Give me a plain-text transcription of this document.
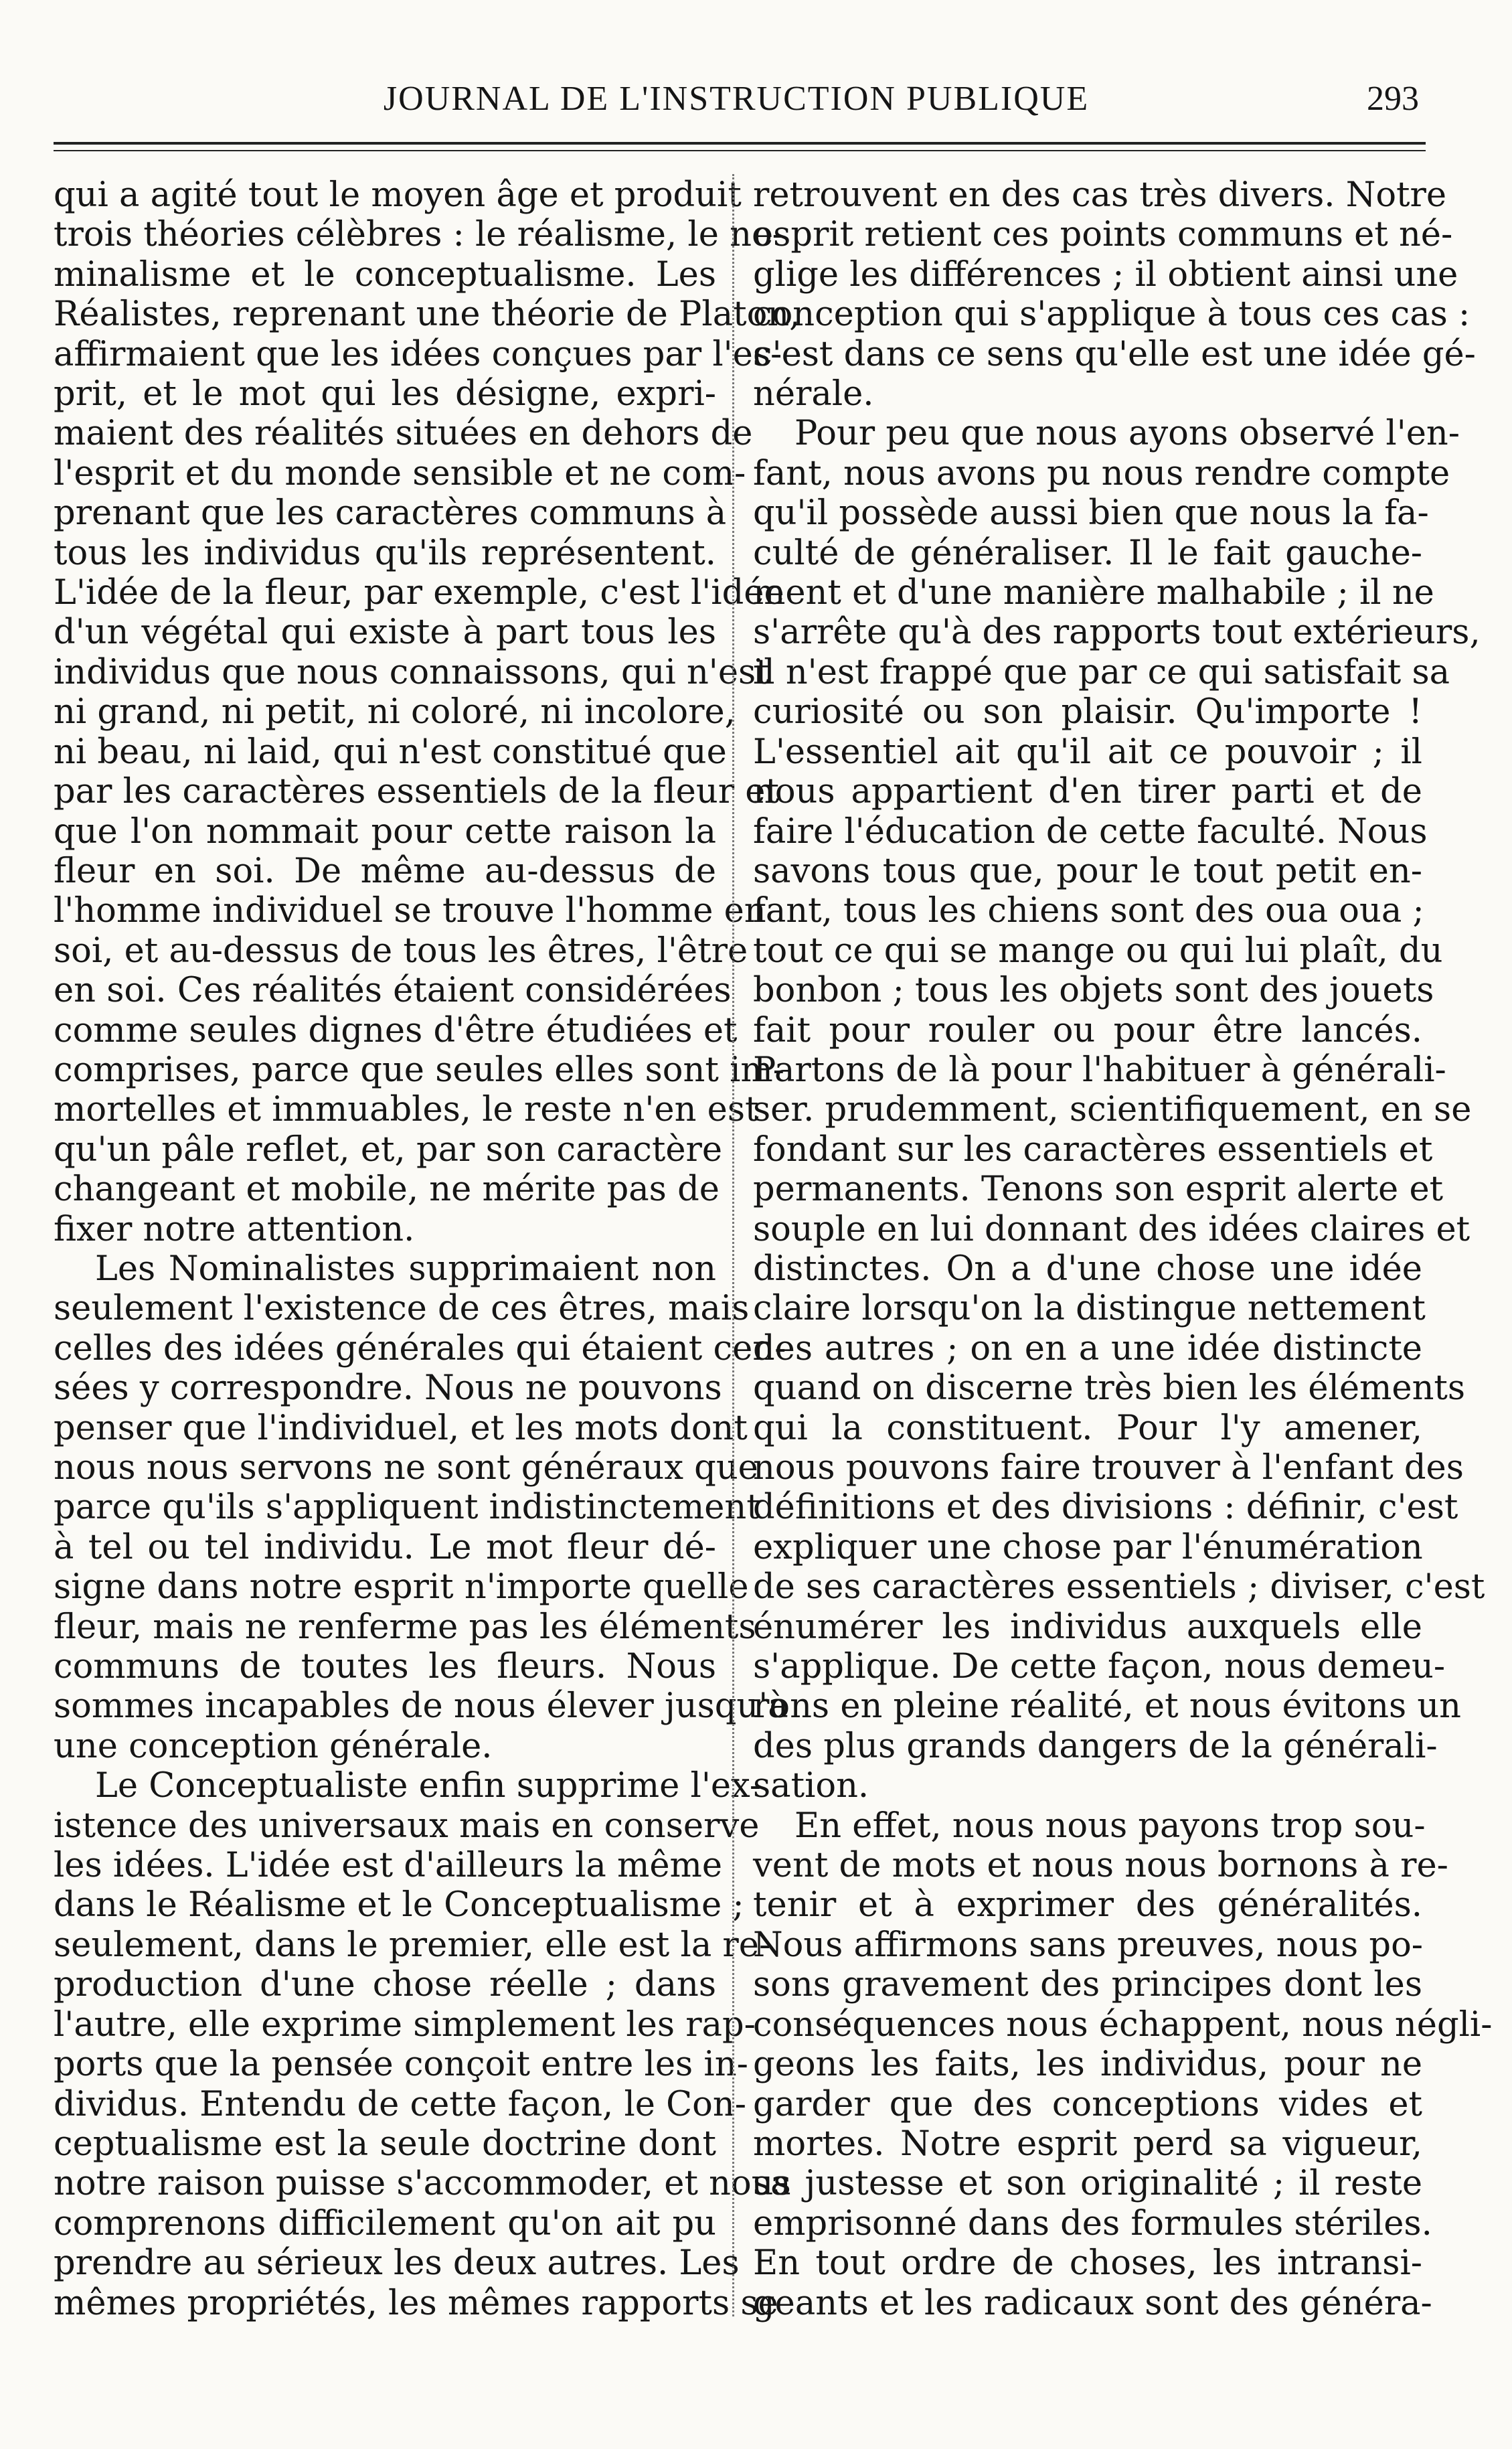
JOURNAL DE L'INSTRUCTION PUBLIQUE	293
qui a agité tout le moyen âge et produit
trois théories célèbres : le réalisme, le no-
minalisme et le conceptualisme. Les
Réalistes, reprenant une théorie de Platon,
affirmaient que les idées conçues par l'es-
prit, et le mot qui les désigne, expri-
maient des réalités situées en dehors de
l'esprit et du monde sensible et ne com-
prenant que les caractères communs à
tous les individus qu'ils représentent.
L'idée de la fleur, par exemple, c'est l'idée
d'un végétal qui existe à part tous les
individus que nous connaissons, qui n'est
ni grand, ni petit, ni coloré, ni incolore,
ni beau, ni laid, qui n'est constitué que
par les caractères essentiels de la fleur et
que l'on nommait pour cette raison la
fleur en soi. De même au-dessus de
l'homme individuel se trouve l'homme en
soi, et au-dessus de tous les êtres, l'être
en soi. Ces réalités étaient considérées
comme seules dignes d'être étudiées et
comprises, parce que seules elles sont im-
mortelles et immuables, le reste n'en est
qu'un pâle reflet, et, par son caractère
changeant et mobile, ne mérite pas de
fixer notre attention.
Les Nominalistes supprimaient non
seulement l'existence de ces êtres, mais
celles des idées générales qui étaient cen-
sées y correspondre. Nous ne pouvons
penser que l'individuel, et les mots dont
nous nous servons ne sont généraux que
parce qu'ils s'appliquent indistinctement
à tel ou tel individu. Le mot fleur dé-
signe dans notre esprit n'importe quelle
fleur, mais ne renferme pas les éléments
communs de toutes les fleurs. Nous
sommes incapables de nous élever jusqu'à
une conception générale.
Le Conceptualiste enfin supprime l'ex-
istence des universaux mais en conserve
les idées. L'idée est d'ailleurs la même
dans le Réalisme et le Conceptualisme ;
seulement, dans le premier, elle est la re-
production d'une chose réelle ; dans
l'autre, elle exprime simplement les rap-
ports que la pensée conçoit entre les in-
dividus. Entendu de cette façon, le Con-
ceptualisme est la seule doctrine dont
notre raison puisse s'accommoder, et nous
comprenons difficilement qu'on ait pu
prendre au sérieux les deux autres. Les
mêmes propriétés, les mêmes rapports se
retrouvent en des cas très divers. Notre
esprit retient ces points communs et né-
glige les différences ; il obtient ainsi une
conception qui s'applique à tous ces cas :
c'est dans ce sens qu'elle est une idée gé-
nérale.
Pour peu que nous ayons observé l'en-
fant, nous avons pu nous rendre compte
qu'il possède aussi bien que nous la fa-
culté de généraliser. Il le fait gauche-
ment et d'une manière malhabile ; il ne
s'arrête qu'à des rapports tout extérieurs,
il n'est frappé que par ce qui satisfait sa
curiosité ou son plaisir. Qu'importe !
L'essentiel ait qu'il ait ce pouvoir ; il
nous appartient d'en tirer parti et de
faire l'éducation de cette faculté. Nous
savons tous que, pour le tout petit en-
fant, tous les chiens sont des oua oua ;
tout ce qui se mange ou qui lui plaît, du
bonbon ; tous les objets sont des jouets
fait pour rouler ou pour être lancés.
Partons de là pour l'habituer à générali-
ser. prudemment, scientifiquement, en se
fondant sur les caractères essentiels et
permanents. Tenons son esprit alerte et
souple en lui donnant des idées claires et
distinctes. On a d'une chose une idée
claire lorsqu'on la distingue nettement
des autres ; on en a une idée distincte
quand on discerne très bien les éléments
qui la constituent. Pour l'y amener,
nous pouvons faire trouver à l'enfant des
définitions et des divisions : définir, c'est
expliquer une chose par l'énumération
de ses caractères essentiels ; diviser, c'est
énumérer les individus auxquels elle
s'applique. De cette façon, nous demeu-
rons en pleine réalité, et nous évitons un
des plus grands dangers de la générali-
sation.
En effet, nous nous payons trop sou-
vent de mots et nous nous bornons à re-
tenir et à exprimer des généralités.
Nous affirmons sans preuves, nous po-
sons gravement des principes dont les
conséquences nous échappent, nous négli-
geons les faits, les individus, pour ne
garder que des conceptions vides et
mortes. Notre esprit perd sa vigueur,
sa justesse et son originalité ; il reste
emprisonné dans des formules stériles.
En tout ordre de choses, les intransi-
geants et les radicaux sont des généra-
